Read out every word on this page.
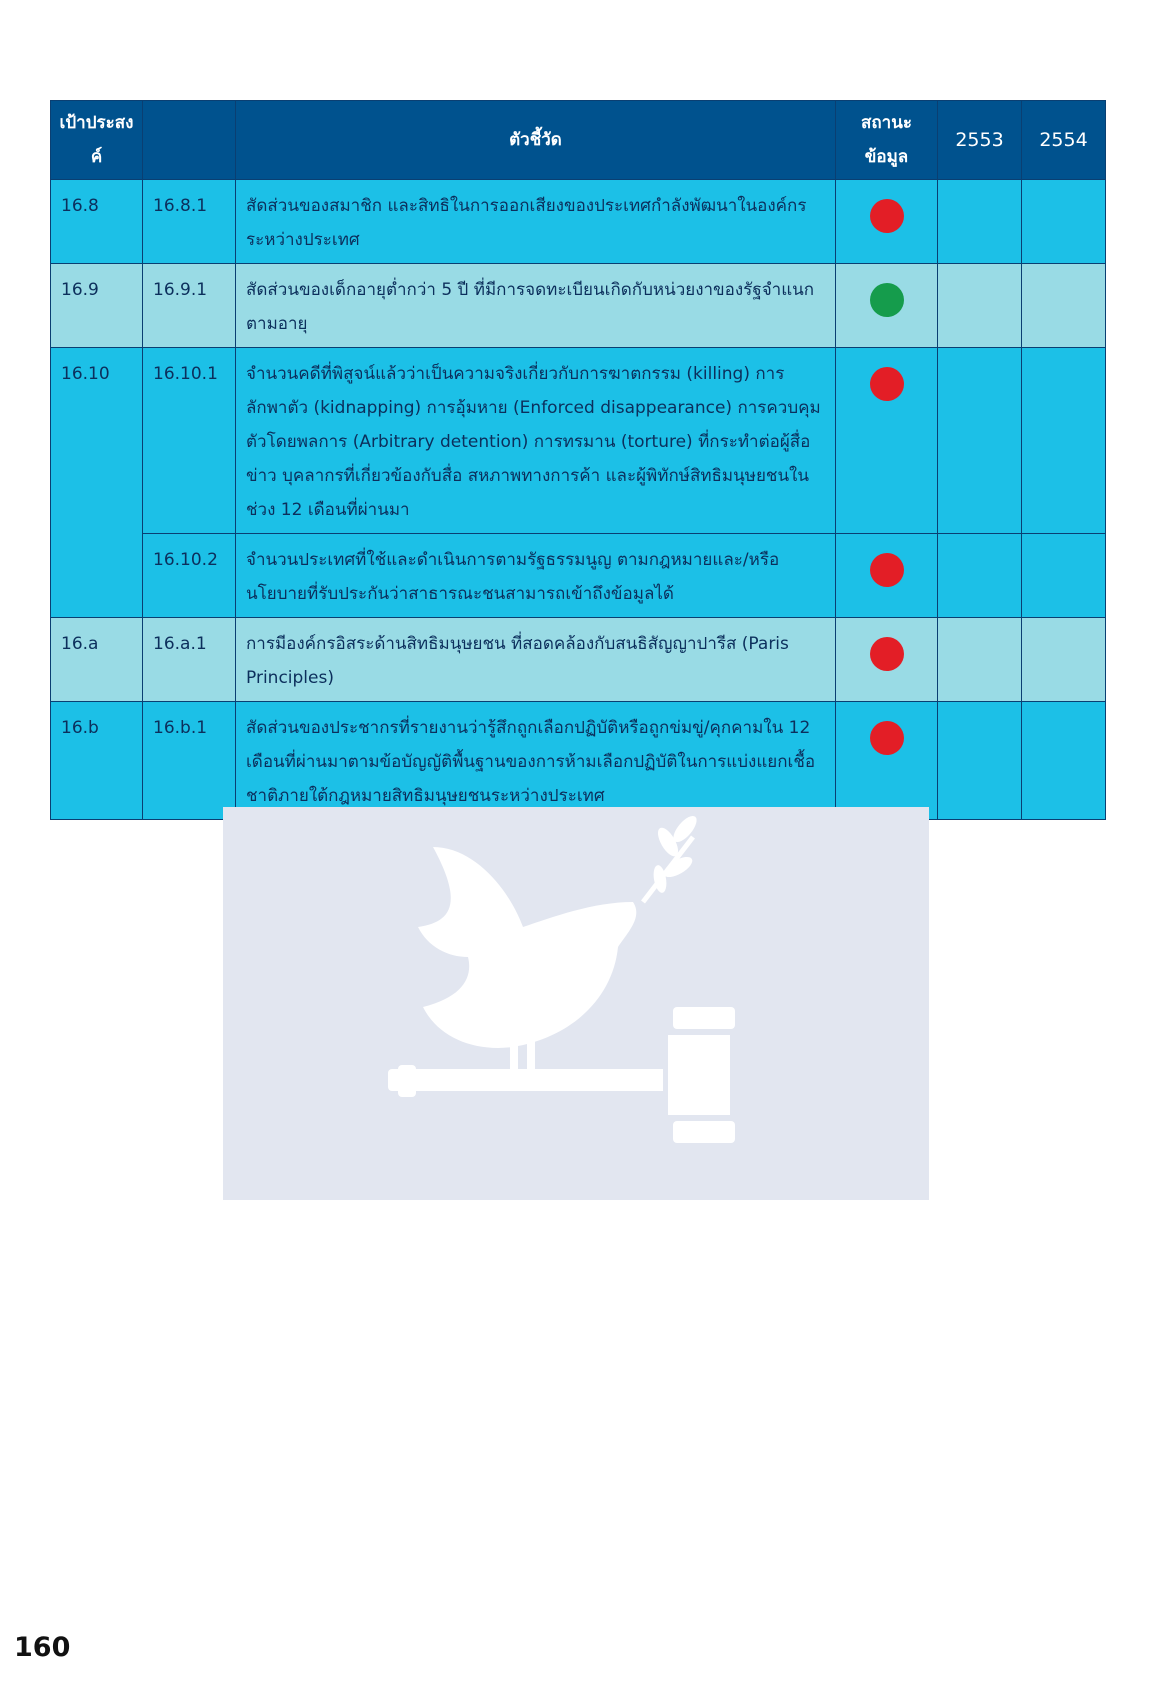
เป้าประสงค์		ตัวชี้วัด	สถานะข้อมูล	2553	2554
16.8	16.8.1	สัดส่วนของสมาชิก และสิทธิในการออกเสียงของประเทศกำลังพัฒนาในองค์กรระหว่างประเทศ			
16.9	16.9.1	สัดส่วนของเด็กอายุต่ำกว่า 5 ปี ที่มีการจดทะเบียนเกิดกับหน่วยงาของรัฐจำแนกตามอายุ			
16.10	16.10.1	จำนวนคดีที่พิสูจน์แล้วว่าเป็นความจริงเกี่ยวกับการฆาตกรรม (killing) การลักพาตัว (kidnapping) การอุ้มหาย (Enforced disappearance) การควบคุมตัวโดยพลการ (Arbitrary detention) การทรมาน (torture) ที่กระทำต่อผู้สื่อข่าว บุคลากรที่เกี่ยวข้องกับสื่อ สหภาพทางการค้า และผู้พิทักษ์สิทธิมนุษยชนในช่วง 12 เดือนที่ผ่านมา			
	16.10.2	จำนวนประเทศที่ใช้และดำเนินการตามรัฐธรรมนูญ ตามกฎหมายและ/หรือนโยบายที่รับประกันว่าสาธารณะชนสามารถเข้าถึงข้อมูลได้			
16.a	16.a.1	การมีองค์กรอิสระด้านสิทธิมนุษยชน ที่สอดคล้องกับสนธิสัญญาปารีส (Paris Principles)			
16.b	16.b.1	สัดส่วนของประชากรที่รายงานว่ารู้สึกถูกเลือกปฏิบัติหรือถูกข่มขู่/คุกคามใน 12 เดือนที่ผ่านมาตามข้อบัญญัติพื้นฐานของการห้ามเลือกปฏิบัติในการแบ่งแยกเชื้อชาติภายใต้กฎหมายสิทธิมนุษยชนระหว่างประเทศ			
160
